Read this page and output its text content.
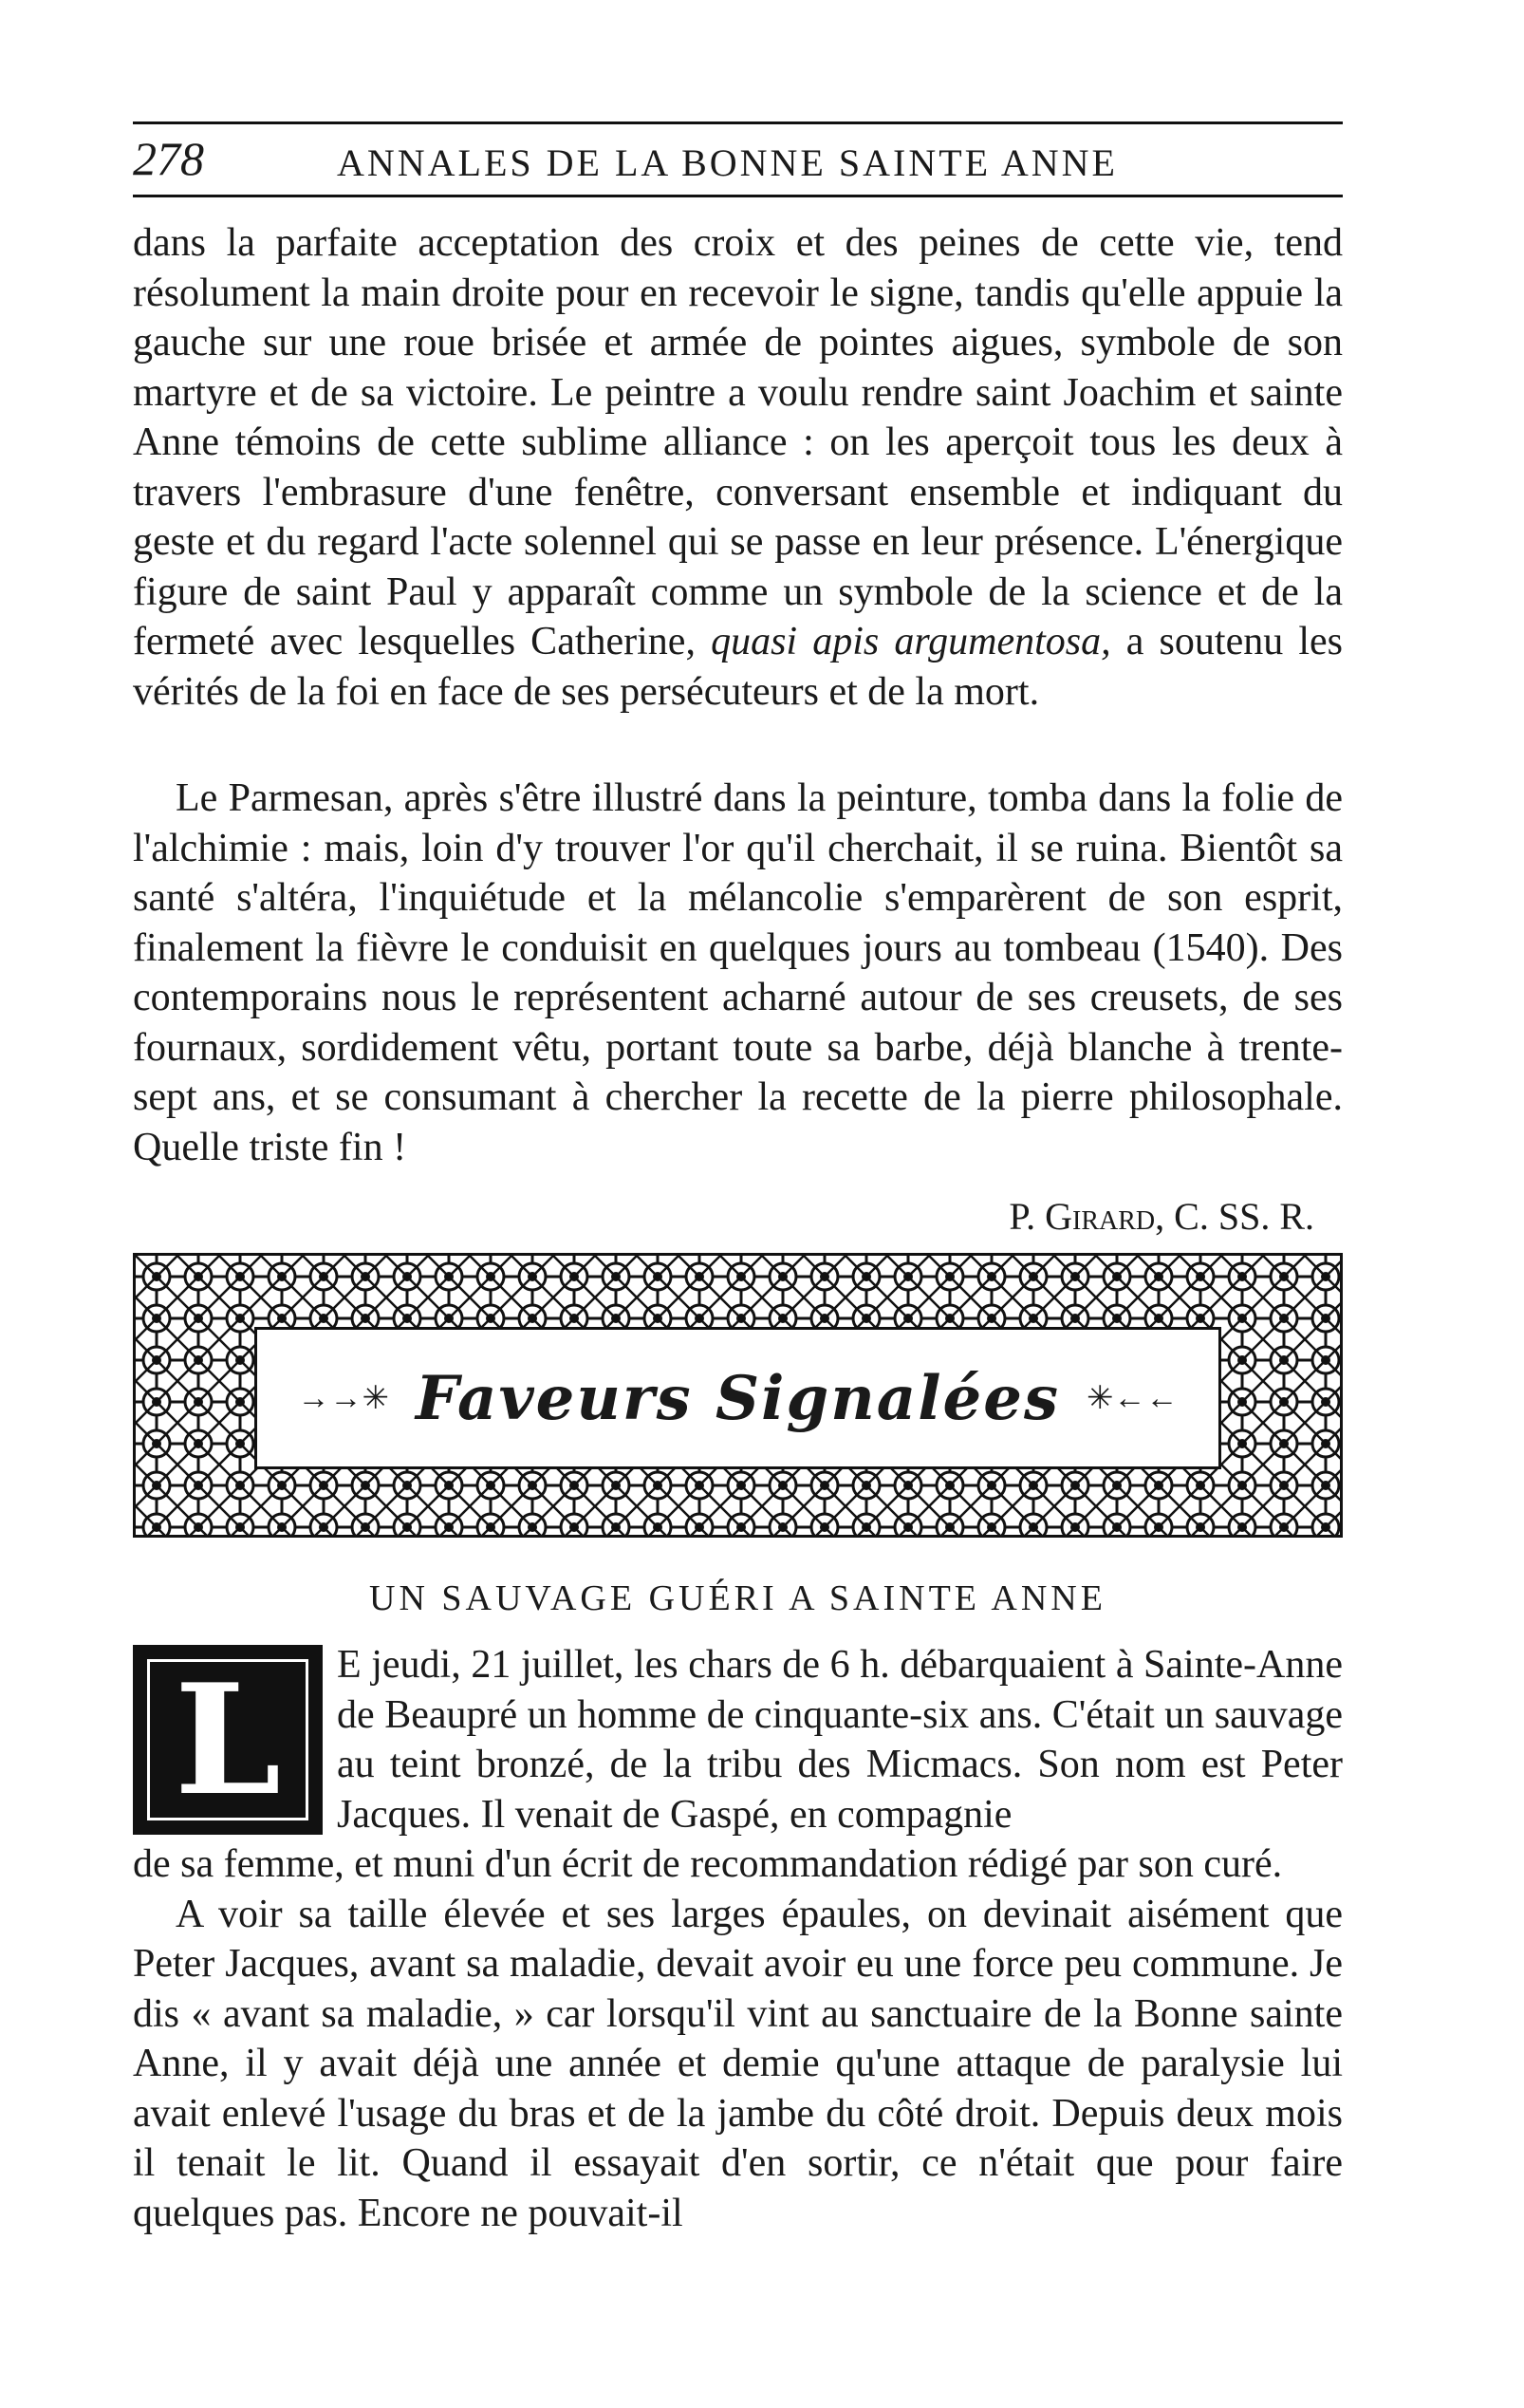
278	ANNALES DE LA BONNE SAINTE ANNE

dans la parfaite acceptation des croix et des peines de cette vie, tend résolument la main droite pour en recevoir le signe, tandis qu'elle appuie la gauche sur une roue brisée et armée de pointes aigues, symbole de son martyre et de sa victoire. Le peintre a voulu rendre saint Joachim et sainte Anne témoins de cette sublime alliance : on les aperçoit tous les deux à travers l'embrasure d'une fenêtre, conversant ensemble et indiquant du geste et du regard l'acte solennel qui se passe en leur présence. L'énergique figure de saint Paul y apparaît comme un symbole de la science et de la fermeté avec lesquelles Catherine, quasi apis argumentosa, a soutenu les vérités de la foi en face de ses persécuteurs et de la mort.

Le Parmesan, après s'être illustré dans la peinture, tomba dans la folie de l'alchimie : mais, loin d'y trouver l'or qu'il cherchait, il se ruina. Bientôt sa santé s'altéra, l'inquiétude et la mélancolie s'emparèrent de son esprit, finalement la fièvre le conduisit en quelques jours au tombeau (1540). Des contemporains nous le représentent acharné autour de ses creusets, de ses fournaux, sordidement vêtu, portant toute sa barbe, déjà blanche à trente-sept ans, et se consumant à chercher la recette de la pierre philosophale. Quelle triste fin !

P. Girard, C. SS. R.
→→✳ Faveurs Signalées ✳←←
UN SAUVAGE GUÉRI A SAINTE ANNE
L E jeudi, 21 juillet, les chars de 6 h. débarquaient à Sainte-Anne de Beaupré un homme de cinquante-six ans. C'était un sauvage au teint bronzé, de la tribu des Micmacs. Son nom est Peter Jacques. Il venait de Gaspé, en compagnie

de sa femme, et muni d'un écrit de recommandation rédigé par son curé.

A voir sa taille élevée et ses larges épaules, on devinait aisément que Peter Jacques, avant sa maladie, devait avoir eu une force peu commune. Je dis « avant sa maladie, » car lorsqu'il vint au sanctuaire de la Bonne sainte Anne, il y avait déjà une année et demie qu'une attaque de paralysie lui avait enlevé l'usage du bras et de la jambe du côté droit. Depuis deux mois il tenait le lit. Quand il essayait d'en sortir, ce n'était que pour faire quelques pas. Encore ne pouvait-il
